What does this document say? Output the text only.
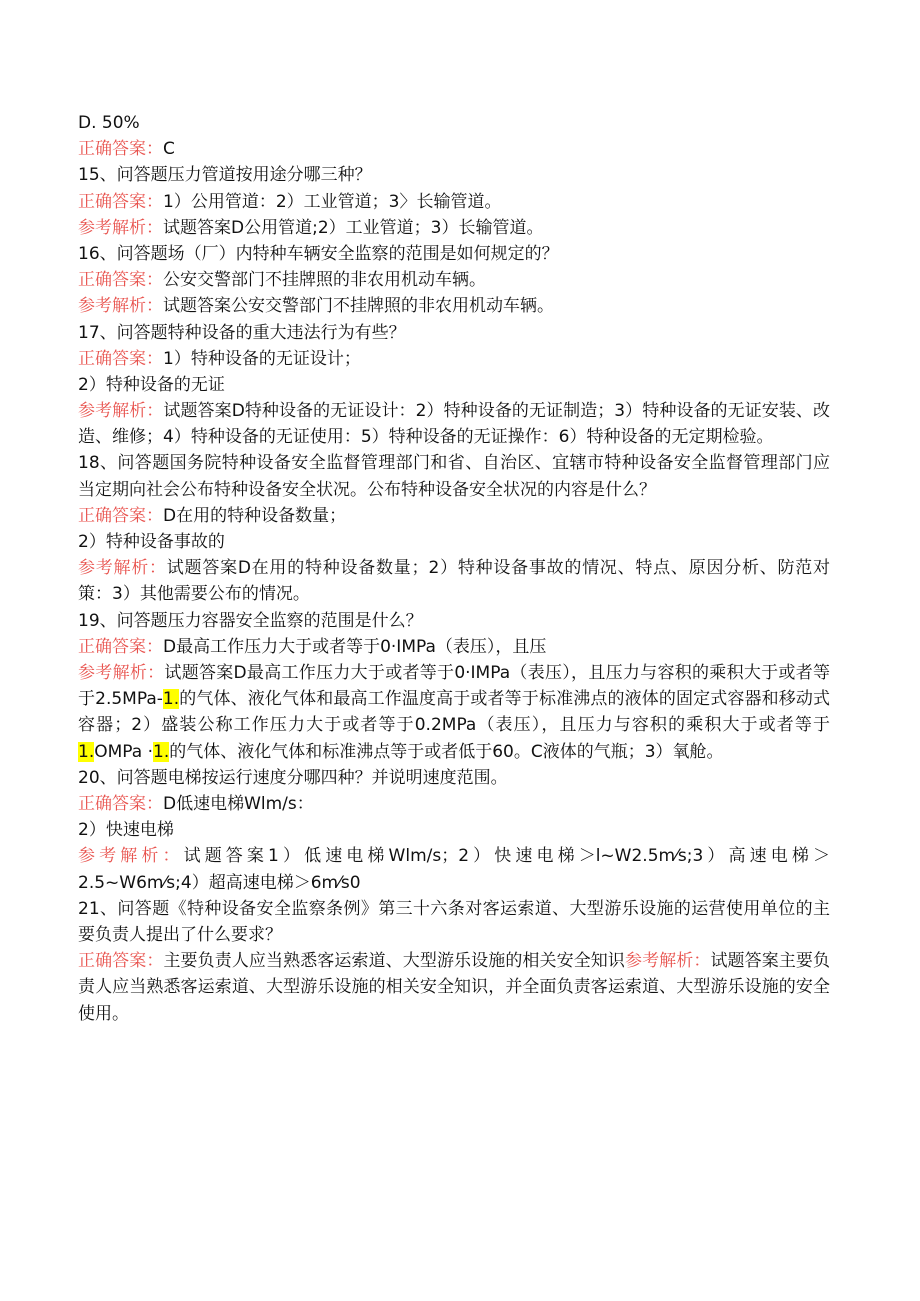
D. 50%
正确答案：C
15、问答题压力管道按用途分哪三种？
正确答案：1）公用管道：2）工业管道；3〉长输管道。
参考解析：试题答案D公用管道;2）工业管道；3）长输管道。
16、问答题场（厂）内特种车辆安全监察的范围是如何规定的？
正确答案：公安交警部门不挂牌照的非农用机动车辆。
参考解析：试题答案公安交警部门不挂牌照的非农用机动车辆。
17、问答题特种设备的重大违法行为有些？
正确答案：1）特种设备的无证设计；
2）特种设备的无证
参考解析：试题答案D特种设备的无证设计：2）特种设备的无证制造；3）特种设备的无证安装、改造、维修；4）特种设备的无证使用：5）特种设备的无证操作：6）特种设备的无定期检验。
18、问答题国务院特种设备安全监督管理部门和省、自治区、宜辖市特种设备安全监督管理部门应当定期向社会公布特种设备安全状况。公布特种设备安全状况的内容是什么？
正确答案：D在用的特种设备数量；
2）特种设备事故的
参考解析：试题答案D在用的特种设备数量；2）特种设备事故的情况、特点、原因分析、防范对策：3）其他需要公布的情况。
19、问答题压力容器安全监察的范围是什么？
正确答案：D最高工作压力大于或者等于0·IMPa（表压），且压
参考解析：试题答案D最高工作压力大于或者等于0·IMPa（表压），且压力与容积的乘积大于或者等于2.5MPa-1.的气体、液化气体和最高工作温度高于或者等于标准沸点的液体的固定式容器和移动式容器；2）盛装公称工作压力大于或者等于0.2MPa（表压），且压力与容积的乘积大于或者等于1.OMPa ·1.的气体、液化气体和标准沸点等于或者低于60。C液体的气瓶；3）氧舱。
20、问答题电梯按运行速度分哪四种？并说明速度范围。
正确答案：D低速电梯Wlm/s：
2）快速电梯
参考解析：试题答案1）低速电梯Wlm/s；2）快速电梯＞l~W2.5m⁄s;3）高速电梯＞2.5~W6m⁄s;4）超高速电梯＞6m⁄s0
21、问答题《特种设备安全监察条例》第三十六条对客运索道、大型游乐设施的运营使用单位的主要负责人提出了什么要求？
正确答案：主要负责人应当熟悉客运索道、大型游乐设施的相关安全知识参考解析：试题答案主要负责人应当熟悉客运索道、大型游乐设施的相关安全知识，并全面负责客运索道、大型游乐设施的安全使用。
